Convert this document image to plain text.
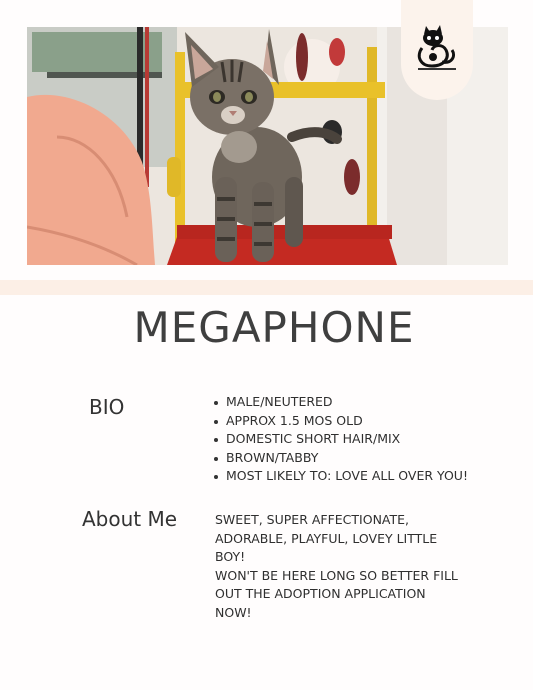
MEGAPHONE
BIO	MALE/NEUTERED
APPROX 1.5 MOS OLD
DOMESTIC SHORT HAIR/MIX
BROWN/TABBY
MOST LIKELY TO: LOVE ALL OVER YOU!
About Me	SWEET, SUPER AFFECTIONATE, ADORABLE, PLAYFUL, LOVEY LITTLE BOY!
WON'T BE HERE LONG SO BETTER FILL OUT THE ADOPTION APPLICATION NOW!
